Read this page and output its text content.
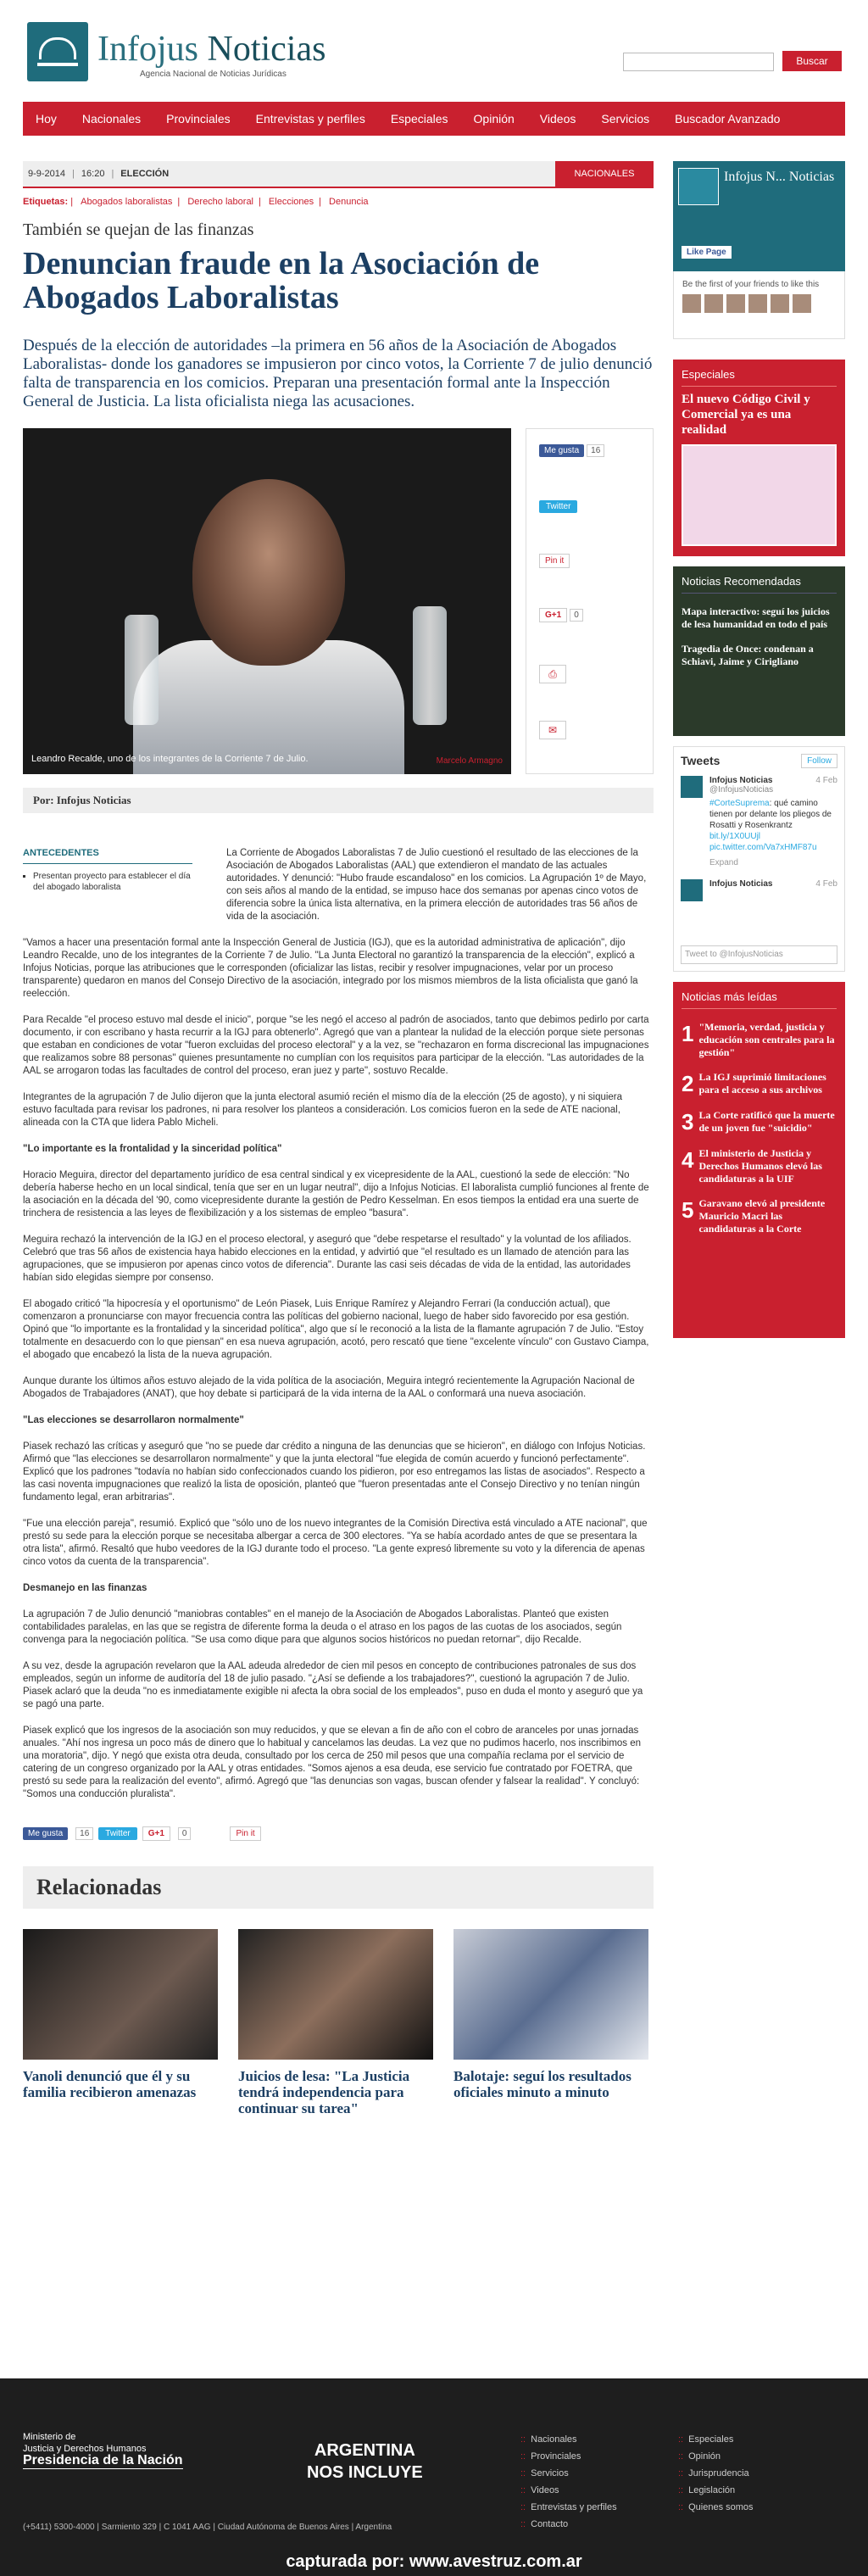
Infojus Noticias
Agencia Nacional de Noticias Jurídicas
Buscar
Hoy	Nacionales	Provinciales	Entrevistas y perfiles	Especiales	Opinión	Videos	Servicios	Buscador Avanzado
9-9-2014 | 16:20 | ELECCIÓN	NACIONALES
Etiquetas: | Abogados laboralistas | Derecho laboral | Elecciones | Denuncia
También se quejan de las finanzas
Denuncian fraude en la Asociación de Abogados Laboralistas
Después de la elección de autoridades –la primera en 56 años de la Asociación de Abogados Laboralistas- donde los ganadores se impusieron por cinco votos, la Corriente 7 de julio denunció falta de transparencia en los comicios. Preparan una presentación formal ante la Inspección General de Justicia. La lista oficialista niega las acusaciones.
Leandro Recalde, uno de los integrantes de la Corriente 7 de Julio.	Marcelo Armagno
Me gusta 16
Twitter
Pin it
G+1 0
⎙
✉
Por: Infojus Noticias
ANTECEDENTES
▪ Presentan proyecto para establecer el día del abogado laboralista

La Corriente de Abogados Laboralistas 7 de Julio cuestionó el resultado de las elecciones de la Asociación de Abogados Laboralistas (AAL) que extendieron el mandato de las actuales autoridades. Y denunció: "Hubo fraude escandaloso" en los comicios. La Agrupación 1º de Mayo, con seis años al mando de la entidad, se impuso hace dos semanas por apenas cinco votos de diferencia sobre la única lista alternativa, en la primera elección de autoridades tras 56 años de vida de la asociación.

"Vamos a hacer una presentación formal ante la Inspección General de Justicia (IGJ), que es la autoridad administrativa de aplicación", dijo Leandro Recalde, uno de los integrantes de la Corriente 7 de Julio. "La Junta Electoral no garantizó la transparencia de la elección", explicó a Infojus Noticias, porque las atribuciones que le corresponden (oficializar las listas, recibir y resolver impugnaciones, velar por un proceso transparente) quedaron en manos del Consejo Directivo de la asociación, integrado por los mismos miembros de la lista oficialista que ganó la reelección.

Para Recalde "el proceso estuvo mal desde el inicio", porque "se les negó el acceso al padrón de asociados, tanto que debimos pedirlo por carta documento, ir con escribano y hasta recurrir a la IGJ para obtenerlo". Agregó que van a plantear la nulidad de la elección porque siete personas que estaban en condiciones de votar "fueron excluidas del proceso electoral" y a la vez, se "rechazaron en forma discrecional las impugnaciones que realizamos sobre 88 personas" quienes presuntamente no cumplían con los requisitos para participar de la elección. "Las autoridades de la AAL se arrogaron todas las facultades de control del proceso, eran juez y parte", sostuvo Recalde.

Integrantes de la agrupación 7 de Julio dijeron que la junta electoral asumió recién el mismo día de la elección (25 de agosto), y ni siquiera estuvo facultada para revisar los padrones, ni para resolver los planteos a consideración. Los comicios fueron en la sede de ATE nacional, alineada con la CTA que lidera Pablo Micheli.

"Lo importante es la frontalidad y la sinceridad política"

Horacio Meguira, director del departamento jurídico de esa central sindical y ex vicepresidente de la AAL, cuestionó la sede de elección: "No debería haberse hecho en un local sindical, tenía que ser en un lugar neutral", dijo a Infojus Noticias. El laboralista cumplió funciones al frente de la asociación en la década del '90, como vicepresidente durante la gestión de Pedro Kesselman. En esos tiempos la entidad era una suerte de trinchera de resistencia a las leyes de flexibilización y a los sistemas de empleo "basura".

Meguira rechazó la intervención de la IGJ en el proceso electoral, y aseguró que "debe respetarse el resultado" y la voluntad de los afiliados. Celebró que tras 56 años de existencia haya habido elecciones en la entidad, y advirtió que "el resultado es un llamado de atención para las agrupaciones, que se impusieron por apenas cinco votos de diferencia". Durante las casi seis décadas de vida de la entidad, las autoridades habían sido elegidas siempre por consenso.

El abogado criticó "la hipocresía y el oportunismo" de León Piasek, Luis Enrique Ramírez y Alejandro Ferrari (la conducción actual), que comenzaron a pronunciarse con mayor frecuencia contra las políticas del gobierno nacional, luego de haber sido favorecido por esa gestión. Opinó que "lo importante es la frontalidad y la sinceridad política", algo que sí le reconoció a la lista de la flamante agrupación 7 de Julio. "Estoy totalmente en desacuerdo con lo que piensan" en esa nueva agrupación, acotó, pero rescató que tiene "excelente vínculo" con Gustavo Ciampa, el abogado que encabezó la lista de la nueva agrupación.

Aunque durante los últimos años estuvo alejado de la vida política de la asociación, Meguira integró recientemente la Agrupación Nacional de Abogados de Trabajadores (ANAT), que hoy debate si participará de la vida interna de la AAL o conformará una nueva asociación.

"Las elecciones se desarrollaron normalmente"

Piasek rechazó las críticas y aseguró que "no se puede dar crédito a ninguna de las denuncias que se hicieron", en diálogo con Infojus Noticias. Afirmó que "las elecciones se desarrollaron normalmente" y que la junta electoral "fue elegida de común acuerdo y funcionó perfectamente". Explicó que los padrones "todavía no habían sido confeccionados cuando los pidieron, por eso entregamos las listas de asociados". Respecto a las casi noventa impugnaciones que realizó la lista de oposición, planteó que "fueron presentadas ante el Consejo Directivo y no tenían ningún fundamento legal, eran arbitrarias".

"Fue una elección pareja", resumió. Explicó que "sólo uno de los nuevo integrantes de la Comisión Directiva está vinculado a ATE nacional", que prestó su sede para la elección porque se necesitaba albergar a cerca de 300 electores. "Ya se había acordado antes de que se presentara la otra lista", afirmó. Resaltó que hubo veedores de la IGJ durante todo el proceso. "La gente expresó libremente su voto y la diferencia de apenas cinco votos da cuenta de la transparencia".

Desmanejo en las finanzas

La agrupación 7 de Julio denunció "maniobras contables" en el manejo de la Asociación de Abogados Laboralistas. Planteó que existen contabilidades paralelas, en las que se registra de diferente forma la deuda o el atraso en los pagos de las cuotas de los asociados, según convenga para la negociación política. "Se usa como dique para que algunos socios históricos no puedan retornar", dijo Recalde.

A su vez, desde la agrupación revelaron que la AAL adeuda alrededor de cien mil pesos en concepto de contribuciones patronales de sus dos empleados, según un informe de auditoría del 18 de julio pasado. "¿Así se defiende a los trabajadores?", cuestionó la agrupación 7 de Julio. Piasek aclaró que la deuda "no es inmediatamente exigible ni afecta la obra social de los empleados", puso en duda el monto y aseguró que ya se pagó una parte.

Piasek explicó que los ingresos de la asociación son muy reducidos, y que se elevan a fin de año con el cobro de aranceles por unas jornadas anuales. "Ahí nos ingresa un poco más de dinero que lo habitual y cancelamos las deudas. La vez que no pudimos hacerlo, nos inscribimos en una moratoria", dijo. Y negó que exista otra deuda, consultado por los cerca de 250 mil pesos que una compañía reclama por el servicio de catering de un congreso organizado por la AAL y otras entidades. "Somos ajenos a esa deuda, ese servicio fue contratado por FOETRA, que prestó su sede para la realización del evento", afirmó. Agregó que "las denuncias son vagas, buscan ofender y falsear la realidad". Y concluyó: "Somos una conducción pluralista".

Me gusta	16	Twitter	G+1	0	Pin it
Relacionadas
Vanoli denunció que él y su familia recibieron amenazas
Juicios de lesa: "La Justicia tendrá independencia para continuar su tarea"
Balotaje: seguí los resultados oficiales minuto a minuto
Infojus N... Noticias
Like Page
Be the first of your friends to like this
Especiales
El nuevo Código Civil y Comercial ya es una realidad
Noticias Recomendadas
Mapa interactivo: seguí los juicios de lesa humanidad en todo el país
Tragedia de Once: condenan a Schiavi, Jaime y Cirigliano
Tweets	Follow
Infojus Noticias
@InfojusNoticias
4 Feb
#CorteSuprema: qué camino tienen por delante los pliegos de Rosatti y Rosenkrantz bit.ly/1X0UUjl pic.twitter.com/Va7xHMF87u
Expand
Infojus Noticias	4 Feb
Tweet to @InfojusNoticias
Noticias más leídas
1 "Memoria, verdad, justicia y educación son centrales para la gestión"
2 La IGJ suprimió limitaciones para el acceso a sus archivos
3 La Corte ratificó que la muerte de un joven fue "suicidio"
4 El ministerio de Justicia y Derechos Humanos elevó las candidaturas a la UIF
5 Garavano elevó al presidente Mauricio Macri las candidaturas a la Corte
Ministerio de
Justicia y Derechos Humanos
Presidencia de la Nación
ARGENTINA
NOS INCLUYE
(+5411) 5300-4000 | Sarmiento 329 | C 1041 AAG | Ciudad Autónoma de Buenos Aires | Argentina
:: Nacionales
:: Provinciales
:: Servicios
:: Videos
:: Entrevistas y perfiles
:: Contacto
:: Especiales
:: Opinión
:: Jurisprudencia
:: Legislación
:: Quienes somos
capturada por: www.avestruz.com.ar
